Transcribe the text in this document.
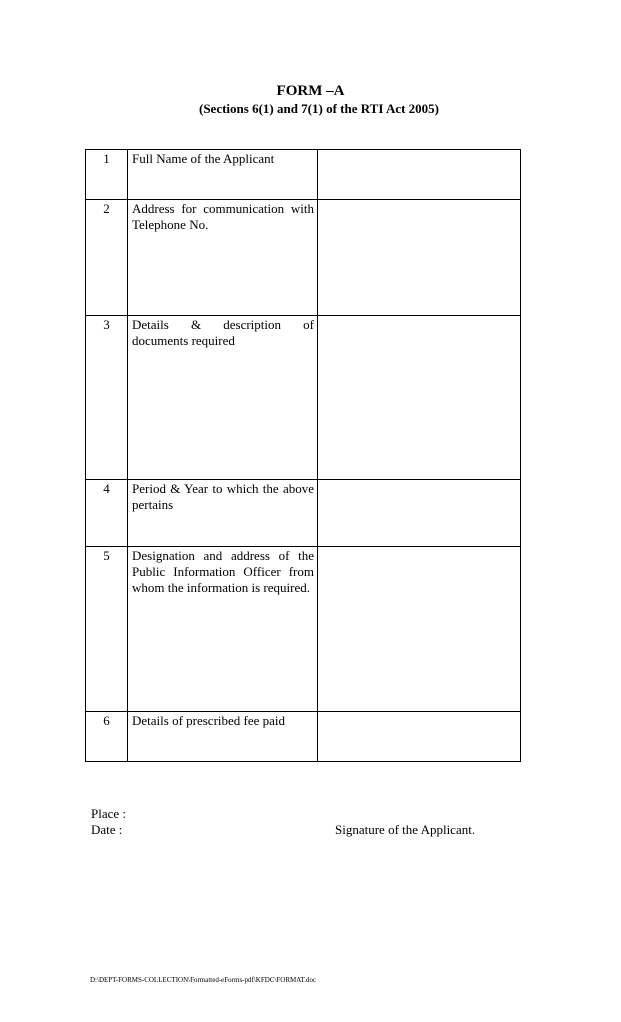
FORM –A
(Sections 6(1) and 7(1) of the RTI Act 2005)
1	Full Name of the Applicant	
2	Address for communication with Telephone No.	
3	Details & description of documents required	
4	Period & Year to which the above pertains	
5	Designation and address of the Public Information Officer from whom the information is required.	
6	Details of prescribed fee paid	
Place :
Date :	Signature of the Applicant.
D:\DEPT-FORMS-COLLECTION\Formatted-eForms-pdf\KFDC\FORMAT.doc
